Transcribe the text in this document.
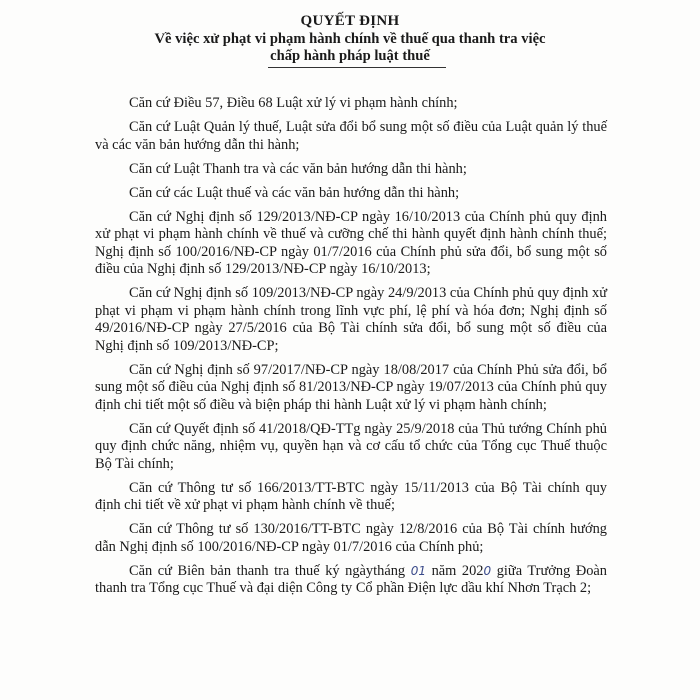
QUYẾT ĐỊNH
Về việc xử phạt vi phạm hành chính về thuế qua thanh tra việc
chấp hành pháp luật thuế

Căn cứ Điều 57, Điều 68 Luật xử lý vi phạm hành chính;

Căn cứ Luật Quản lý thuế, Luật sửa đổi bổ sung một số điều của Luật quản lý thuế và các văn bản hướng dẫn thi hành;

Căn cứ Luật Thanh tra và các văn bản hướng dẫn thi hành;

Căn cứ các Luật thuế và các văn bản hướng dẫn thi hành;

Căn cứ Nghị định số 129/2013/NĐ-CP ngày 16/10/2013 của Chính phủ quy định xử phạt vi phạm hành chính về thuế và cưỡng chế thi hành quyết định hành chính thuế; Nghị định số 100/2016/NĐ-CP ngày 01/7/2016 của Chính phủ sửa đổi, bổ sung một số điều của Nghị định số 129/2013/NĐ-CP ngày 16/10/2013;

Căn cứ Nghị định số 109/2013/NĐ-CP ngày 24/9/2013 của Chính phủ quy định xử phạt vi phạm vi phạm hành chính trong lĩnh vực phí, lệ phí và hóa đơn; Nghị định số 49/2016/NĐ-CP ngày 27/5/2016 của Bộ Tài chính sửa đổi, bổ sung một số điều của Nghị định số 109/2013/NĐ-CP;

Căn cứ Nghị định số 97/2017/NĐ-CP ngày 18/08/2017 của Chính Phủ sửa đổi, bổ sung một số điều của Nghị định số 81/2013/NĐ-CP ngày 19/07/2013 của Chính phủ quy định chi tiết một số điều và biện pháp thi hành Luật xử lý vi phạm hành chính;

Căn cứ Quyết định số 41/2018/QĐ-TTg ngày 25/9/2018 của Thủ tướng Chính phủ quy định chức năng, nhiệm vụ, quyền hạn và cơ cấu tổ chức của Tổng cục Thuế thuộc Bộ Tài chính;

Căn cứ Thông tư số 166/2013/TT-BTC ngày 15/11/2013 của Bộ Tài chính quy định chi tiết về xử phạt vi phạm hành chính về thuế;

Căn cứ Thông tư số 130/2016/TT-BTC ngày 12/8/2016 của Bộ Tài chính hướng dẫn Nghị định số 100/2016/NĐ-CP ngày 01/7/2016 của Chính phủ;

Căn cứ Biên bản thanh tra thuế ký ngàytháng 01 năm 2020 giữa Trưởng Đoàn thanh tra Tổng cục Thuế và đại diện Công ty Cổ phần Điện lực dầu khí Nhơn Trạch 2;
